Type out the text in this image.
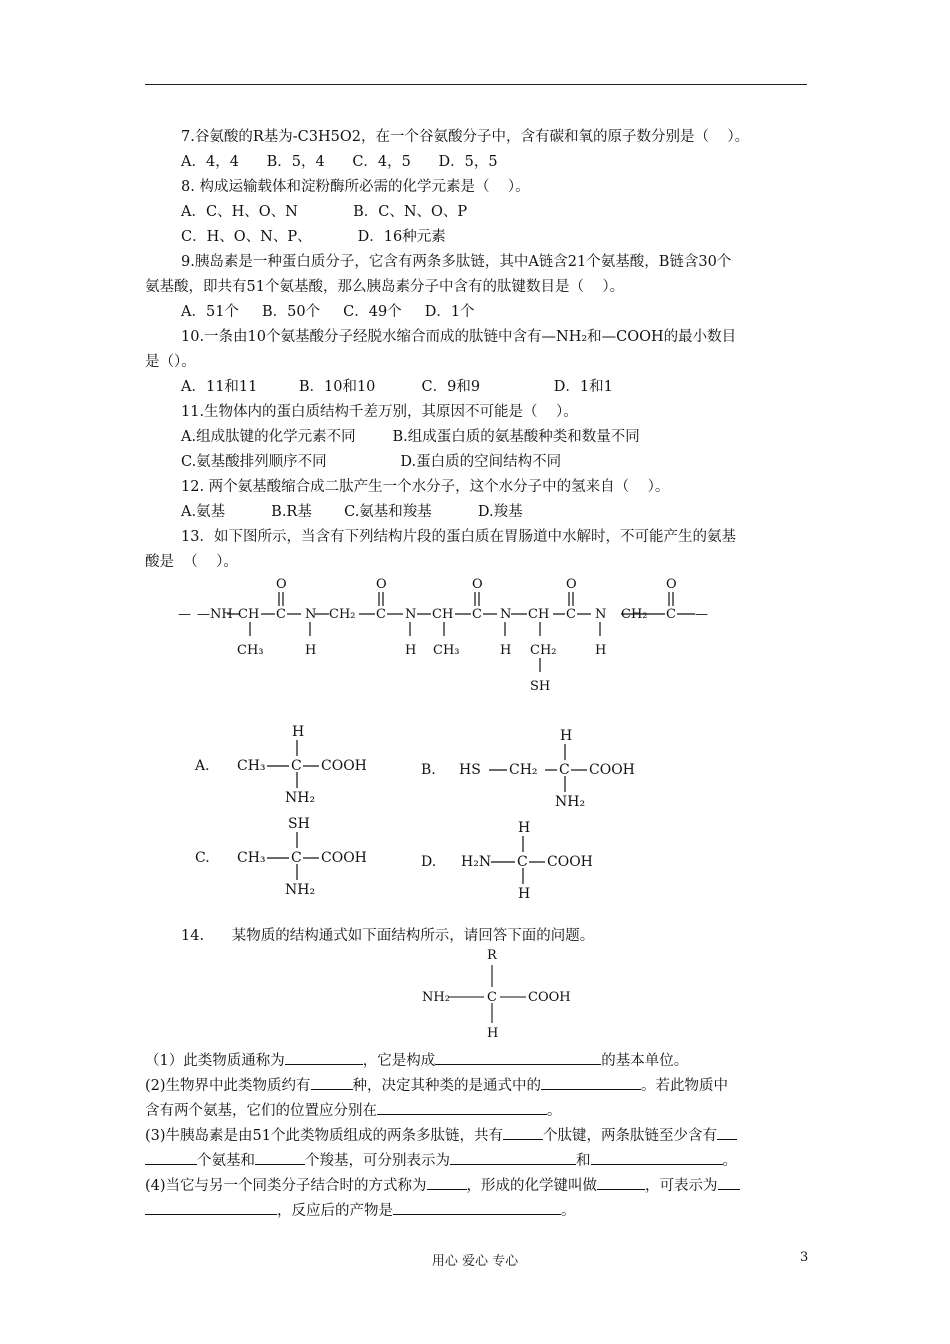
7.谷氨酸的R基为-C3H5O2，在一个谷氨酸分子中，含有碳和氧的原子数分别是（    ）。
A．4，4      B．5，4      C．4，5      D．5，5
8. 构成运输载体和淀粉酶所必需的化学元素是（    ）。
A．C、H、O、N            B．C、N、O、P
C．H、O、N、P、          D．16种元素
9.胰岛素是一种蛋白质分子，它含有两条多肽链，其中A链含21个氨基酸，B链含30个
氨基酸，即共有51个氨基酸，那么胰岛素分子中含有的肽键数目是（    ）。
A．51个     B．50个     C．49个     D．1个
10.一条由10个氨基酸分子经脱水缩合而成的肽链中含有—NH₂和—COOH的最小数目
是（）。
A．11和11         B．10和10          C．9和9                D．1和1
11.生物体内的蛋白质结构千差万别，其原因不可能是（    ）。
A.组成肽键的化学元素不同        B.组成蛋白质的氨基酸种类和数量不同
C.氨基酸排列顺序不同                D.蛋白质的空间结构不同
12. 两个氨基酸缩合成二肽产生一个水分子，这个水分子中的氢来自（    ）。
A.氨基          B.R基       C.氨基和羧基          D.羧基
13．如下图所示，当含有下列结构片段的蛋白质在胃肠道中水解时，不可能产生的氨基
酸是  （    ）。
— —NH CH C
O
N CH₂ C
O
N CH C
O
N CH C
O
N CH₂ C
O
—
CH₃	H	H CH₃	H CH₂	H
SH
A. CH₃ C COOH
H
NH₂
B. HS CH₂ C COOH
H
NH₂
C. CH₃ C COOH
SH
NH₂
D. H₂N C COOH
H
H
14.      某物质的结构通式如下面结构所示，请回答下面的问题。
R
NH₂	C COOH
H
（1）此类物质通称为	，它是构成	的基本单位。
(2)生物界中此类物质约有	种，决定其种类的是通式中的	。若此物质中
含有两个氨基，它们的位置应分别在	。
(3)牛胰岛素是由51个此类物质组成的两条多肽链，共有	个肽键，两条肽链至少含有
个氨基和	个羧基，可分别表示为	和	。
(4)当它与另一个同类分子结合时的方式称为	，形成的化学键叫做	，可表示为
，反应后的产物是	。
用心 爱心 专心	3
